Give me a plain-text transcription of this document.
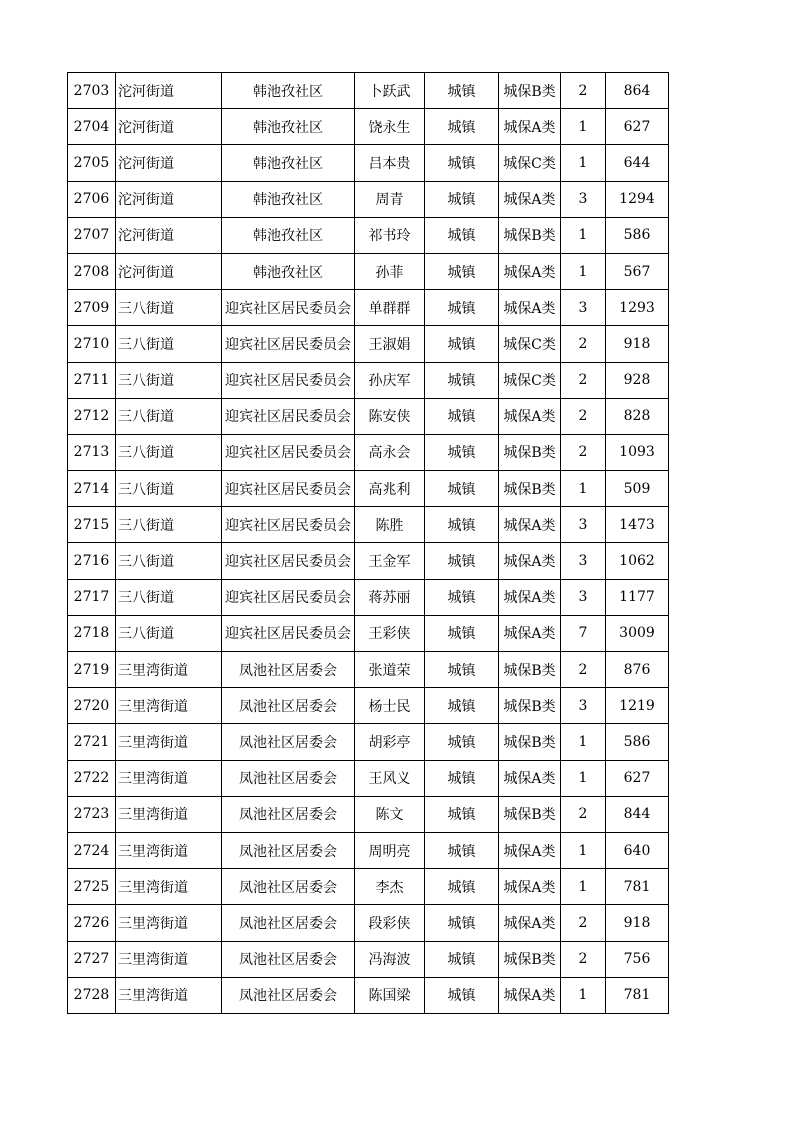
2703	沱河街道	韩池孜社区	卜跃武	城镇	城保B类	2	864
2704	沱河街道	韩池孜社区	饶永生	城镇	城保A类	1	627
2705	沱河街道	韩池孜社区	吕本贵	城镇	城保C类	1	644
2706	沱河街道	韩池孜社区	周青	城镇	城保A类	3	1294
2707	沱河街道	韩池孜社区	祁书玲	城镇	城保B类	1	586
2708	沱河街道	韩池孜社区	孙菲	城镇	城保A类	1	567
2709	三八街道	迎宾社区居民委员会	单群群	城镇	城保A类	3	1293
2710	三八街道	迎宾社区居民委员会	王淑娟	城镇	城保C类	2	918
2711	三八街道	迎宾社区居民委员会	孙庆军	城镇	城保C类	2	928
2712	三八街道	迎宾社区居民委员会	陈安侠	城镇	城保A类	2	828
2713	三八街道	迎宾社区居民委员会	高永会	城镇	城保B类	2	1093
2714	三八街道	迎宾社区居民委员会	高兆利	城镇	城保B类	1	509
2715	三八街道	迎宾社区居民委员会	陈胜	城镇	城保A类	3	1473
2716	三八街道	迎宾社区居民委员会	王金军	城镇	城保A类	3	1062
2717	三八街道	迎宾社区居民委员会	蒋苏丽	城镇	城保A类	3	1177
2718	三八街道	迎宾社区居民委员会	王彩侠	城镇	城保A类	7	3009
2719	三里湾街道	凤池社区居委会	张道荣	城镇	城保B类	2	876
2720	三里湾街道	凤池社区居委会	杨士民	城镇	城保B类	3	1219
2721	三里湾街道	凤池社区居委会	胡彩亭	城镇	城保B类	1	586
2722	三里湾街道	凤池社区居委会	王风义	城镇	城保A类	1	627
2723	三里湾街道	凤池社区居委会	陈文	城镇	城保B类	2	844
2724	三里湾街道	凤池社区居委会	周明亮	城镇	城保A类	1	640
2725	三里湾街道	凤池社区居委会	李杰	城镇	城保A类	1	781
2726	三里湾街道	凤池社区居委会	段彩侠	城镇	城保A类	2	918
2727	三里湾街道	凤池社区居委会	冯海波	城镇	城保B类	2	756
2728	三里湾街道	凤池社区居委会	陈国梁	城镇	城保A类	1	781
